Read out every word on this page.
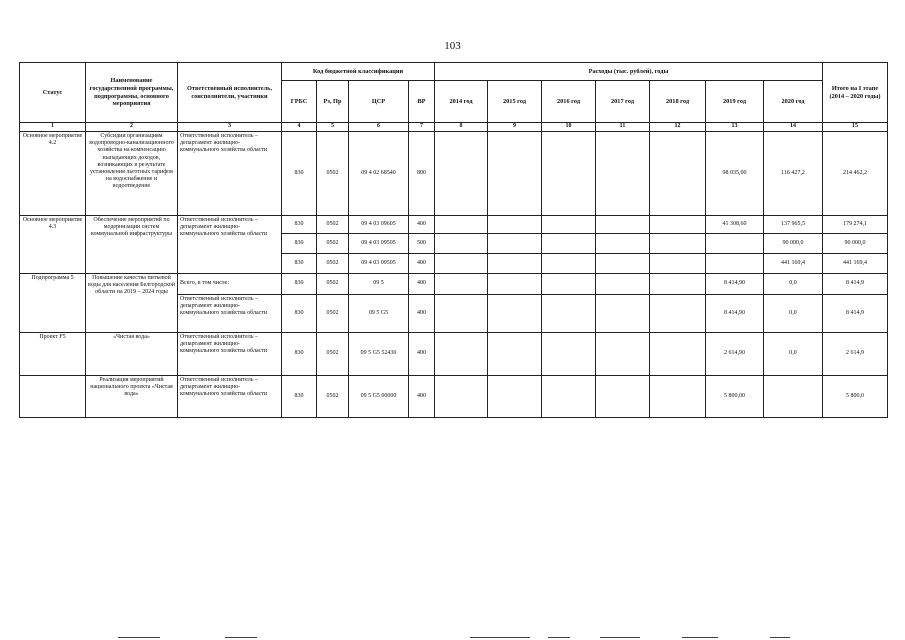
103
Статус	Наименование государственной программы, подпрограммы, основного мероприятия	Ответственный исполнитель, соисполнители, участники	Код бюджетной классификации				Расходы (тыс. рублей), годы							Итого на I этапе (2014 – 2020 годы)
			ГРБС	Рз, Пр	ЦСР	ВР	2014 год	2015 год	2016 год	2017 год	2018 год	2019 год	2020 год	
1	2	3	4	5	6	7	8	9	10	11	12	13	14	15
Основное мероприятие 4.2	Субсидии организациям водопроводно-канализационного хозяйства на компенсацию выпадающих доходов, возникающих в результате установления льготных тарифов на водоснабжение и водоотведение	Ответственный исполнитель – департамент жилищно-коммунального хозяйства области	830	0502	09 4 02 68540	800						98 035,00	116 427,2	214 462,2
Основное мероприятие 4.3	Обеспечение мероприятий по модернизации систем коммунальной инфраструктуры	Ответственный исполнитель – департамент жилищно-коммунального хозяйства области	830	0502	09 4 03 09605	400						41 308,60	137 965,5	179 274,1
			830	0502	09 4 03 09505	500							90 000,0	90 000,0
			830	0502	09 4 03 09505	400							441 169,4	441 169,4
Подпрограмма 5	Повышение качества питьевой воды для населения Белгородской области на 2019 – 2024 годы	Всего, в том числе:	830	0502	09 5	400						8 414,90	0,0	8 414,9
		Ответственный исполнитель – департамент жилищно-коммунального хозяйства области	830	0502	09 5 G5	400						8 414,90	0,0	8 414,9
Проект F5	«Чистая вода»	Ответственный исполнитель – департамент жилищно-коммунального хозяйства области	830	0502	09 5 G5 52430	400						2 614,90	0,0	2 614,9
	Реализация мероприятий национального проекта «Чистая вода»	Ответственный исполнитель – департамент жилищно-коммунального хозяйства области	830	0502	09 5 G5 00000	400						5 800,00		5 800,0
